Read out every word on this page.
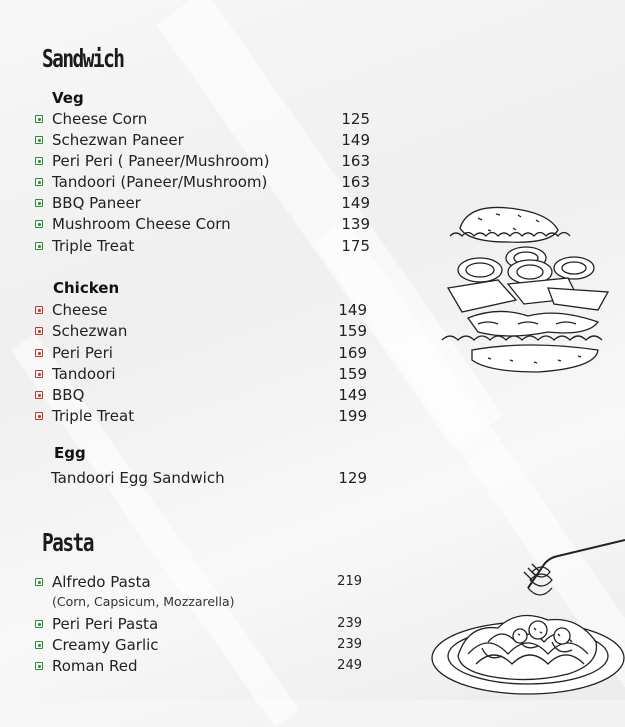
Sandwich
Veg
Cheese Corn	125
Schezwan Paneer	149
Peri Peri ( Paneer/Mushroom)	163
Tandoori (Paneer/Mushroom)	163
BBQ Paneer	149
Mushroom Cheese Corn	139
Triple Treat	175
Chicken
Cheese	149
Schezwan	159
Peri Peri	169
Tandoori	159
BBQ	149
Triple Treat	199
Egg
Tandoori Egg Sandwich	129
Pasta
Alfredo Pasta	219
(Corn, Capsicum, Mozzarella)
Peri Peri Pasta	239
Creamy Garlic	239
Roman Red	249
